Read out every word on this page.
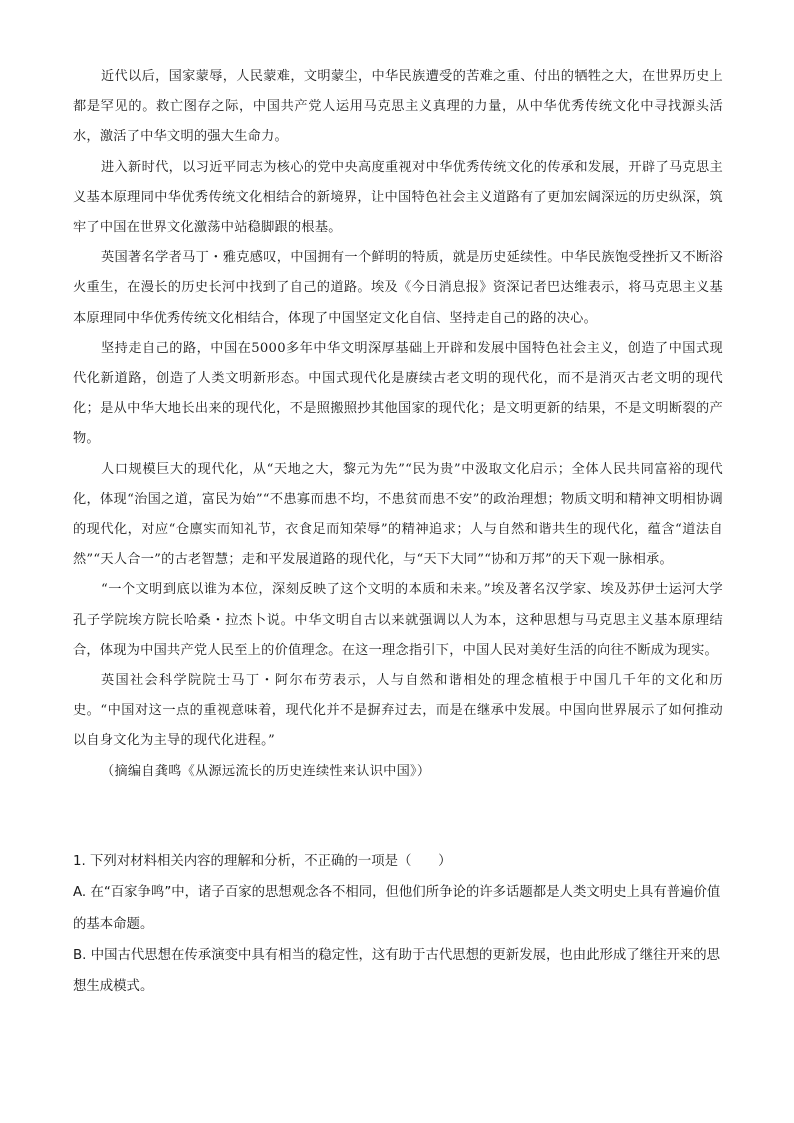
近代以后，国家蒙辱，人民蒙难，文明蒙尘，中华民族遭受的苦难之重、付出的牺牲之大，在世界历史上都是罕见的。救亡图存之际，中国共产党人运用马克思主义真理的力量，从中华优秀传统文化中寻找源头活水，激活了中华文明的强大生命力。

进入新时代，以习近平同志为核心的党中央高度重视对中华优秀传统文化的传承和发展，开辟了马克思主义基本原理同中华优秀传统文化相结合的新境界，让中国特色社会主义道路有了更加宏阔深远的历史纵深，筑牢了中国在世界文化激荡中站稳脚跟的根基。

英国著名学者马丁・雅克感叹，中国拥有一个鲜明的特质，就是历史延续性。中华民族饱受挫折又不断浴火重生，在漫长的历史长河中找到了自己的道路。埃及《今日消息报》资深记者巴达维表示，将马克思主义基本原理同中华优秀传统文化相结合，体现了中国坚定文化自信、坚持走自己的路的决心。

坚持走自己的路，中国在5000多年中华文明深厚基础上开辟和发展中国特色社会主义，创造了中国式现代化新道路，创造了人类文明新形态。中国式现代化是赓续古老文明的现代化，而不是消灭古老文明的现代化；是从中华大地长出来的现代化，不是照搬照抄其他国家的现代化；是文明更新的结果，不是文明断裂的产物。

人口规模巨大的现代化，从“天地之大，黎元为先”“民为贵”中汲取文化启示；全体人民共同富裕的现代化，体现“治国之道，富民为始”“不患寡而患不均，不患贫而患不安”的政治理想；物质文明和精神文明相协调的现代化，对应“仓廪实而知礼节，衣食足而知荣辱”的精神追求；人与自然和谐共生的现代化，蕴含“道法自然”“天人合一”的古老智慧；走和平发展道路的现代化，与“天下大同”“协和万邦”的天下观一脉相承。

“一个文明到底以谁为本位，深刻反映了这个文明的本质和未来。”埃及著名汉学家、埃及苏伊士运河大学孔子学院埃方院长哈桑・拉杰卜说。中华文明自古以来就强调以人为本，这种思想与马克思主义基本原理结合，体现为中国共产党人民至上的价值理念。在这一理念指引下，中国人民对美好生活的向往不断成为现实。

英国社会科学院院士马丁・阿尔布劳表示，人与自然和谐相处的理念植根于中国几千年的文化和历史。“中国对这一点的重视意味着，现代化并不是摒弃过去，而是在继承中发展。中国向世界展示了如何推动以自身文化为主导的现代化进程。”

（摘编自龚鸣《从源远流长的历史连续性来认识中国》）

1. 下列对材料相关内容的理解和分析，不正确的一项是（　　）

A. 在“百家争鸣”中，诸子百家的思想观念各不相同，但他们所争论的许多话题都是人类文明史上具有普遍价值的基本命题。

B. 中国古代思想在传承演变中具有相当的稳定性，这有助于古代思想的更新发展，也由此形成了继往开来的思想生成模式。
